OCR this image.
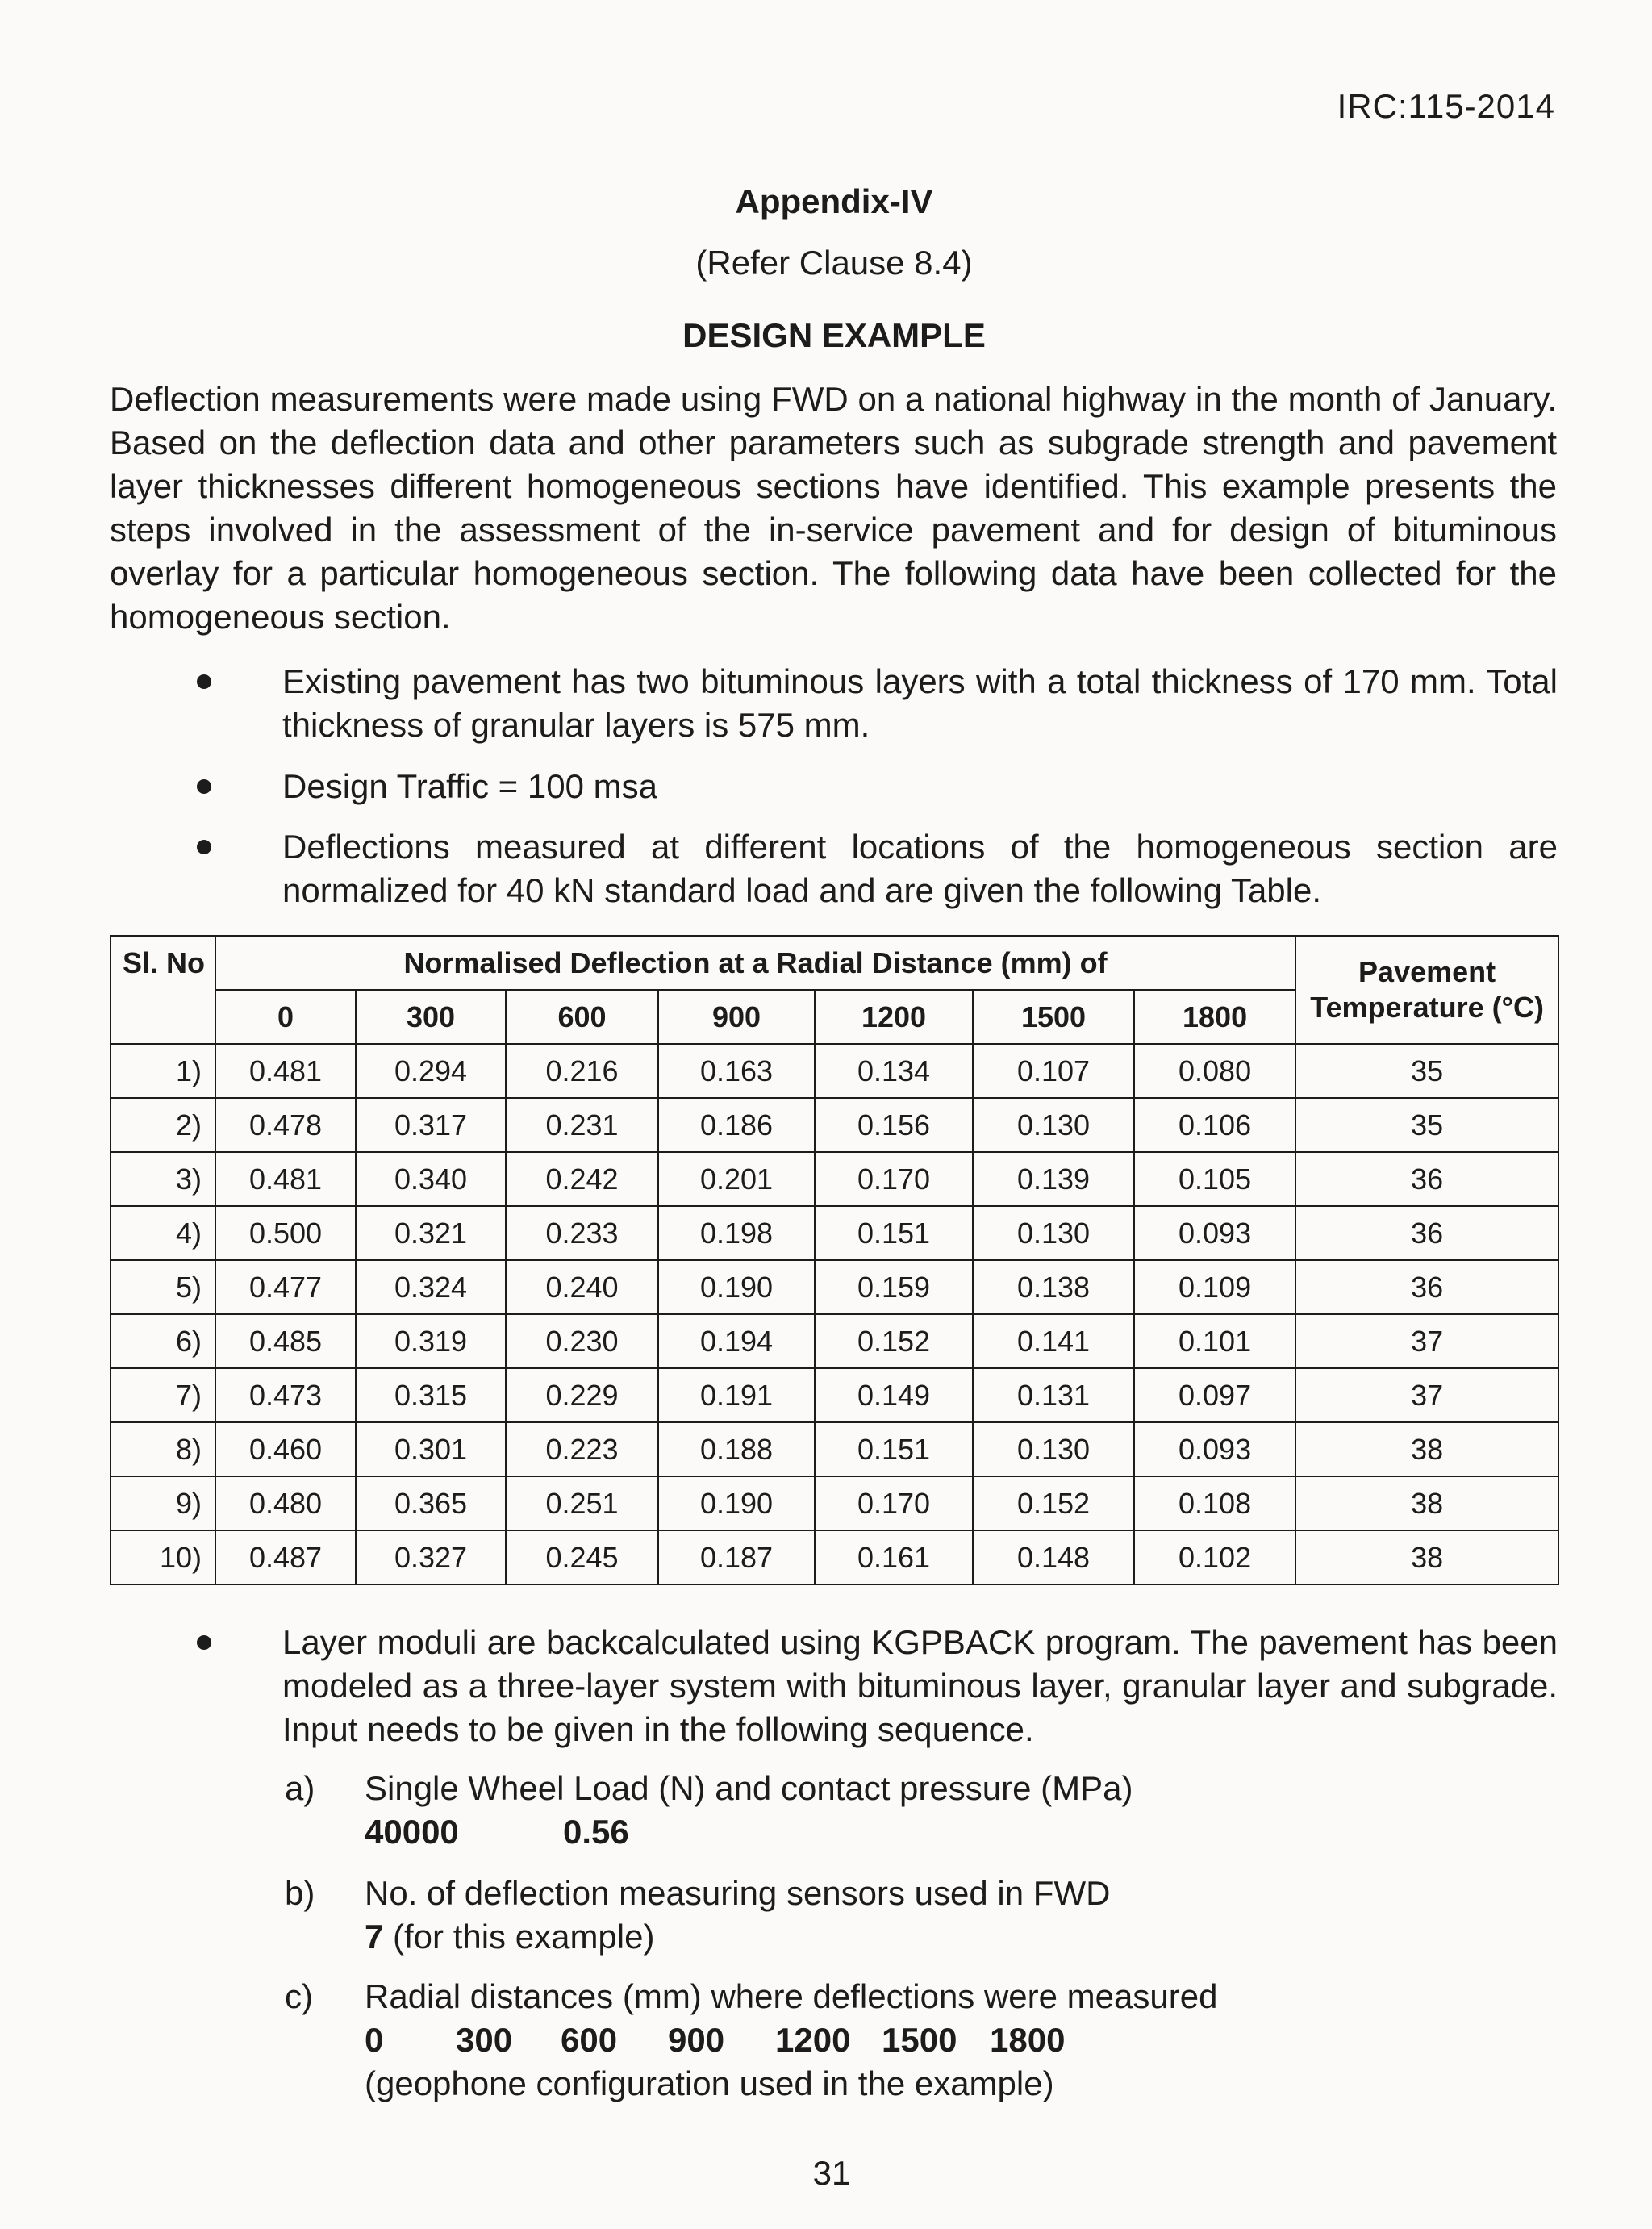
IRC:115-2014
Appendix-IV
(Refer Clause 8.4)
DESIGN EXAMPLE

Deflection measurements were made using FWD on a national highway in the month of January. Based on the deflection data and other parameters such as subgrade strength and pavement layer thicknesses different homogeneous sections have identified. This example presents the steps involved in the assessment of the in-service pavement and for design of bituminous overlay for a particular homogeneous section. The following data have been collected for the homogeneous section.

Existing pavement has two bituminous layers with a total thickness of 170 mm. Total thickness of granular layers is 575 mm.

Design Traffic = 100 msa

Deflections measured at different locations of the homogeneous section are normalized for 40 kN standard load and are given the following Table.

Sl. No	Normalised Deflection at a Radial Distance (mm) of							Pavement Temperature (°C)
	0	300	600	900	1200	1500	1800	
1)	0.481	0.294	0.216	0.163	0.134	0.107	0.080	35
2)	0.478	0.317	0.231	0.186	0.156	0.130	0.106	35
3)	0.481	0.340	0.242	0.201	0.170	0.139	0.105	36
4)	0.500	0.321	0.233	0.198	0.151	0.130	0.093	36
5)	0.477	0.324	0.240	0.190	0.159	0.138	0.109	36
6)	0.485	0.319	0.230	0.194	0.152	0.141	0.101	37
7)	0.473	0.315	0.229	0.191	0.149	0.131	0.097	37
8)	0.460	0.301	0.223	0.188	0.151	0.130	0.093	38
9)	0.480	0.365	0.251	0.190	0.170	0.152	0.108	38
10)	0.487	0.327	0.245	0.187	0.161	0.148	0.102	38

Layer moduli are backcalculated using KGPBACK program. The pavement has been modeled as a three-layer system with bituminous layer, granular layer and subgrade. Input needs to be given in the following sequence.

a) Single Wheel Load (N) and contact pressure (MPa)

40000	0.56

b) No. of deflection measuring sensors used in FWD

7 (for this example)

c) Radial distances (mm) where deflections were measured

0 300 600 900 1200 1500 1800

(geophone configuration used in the example)

31
